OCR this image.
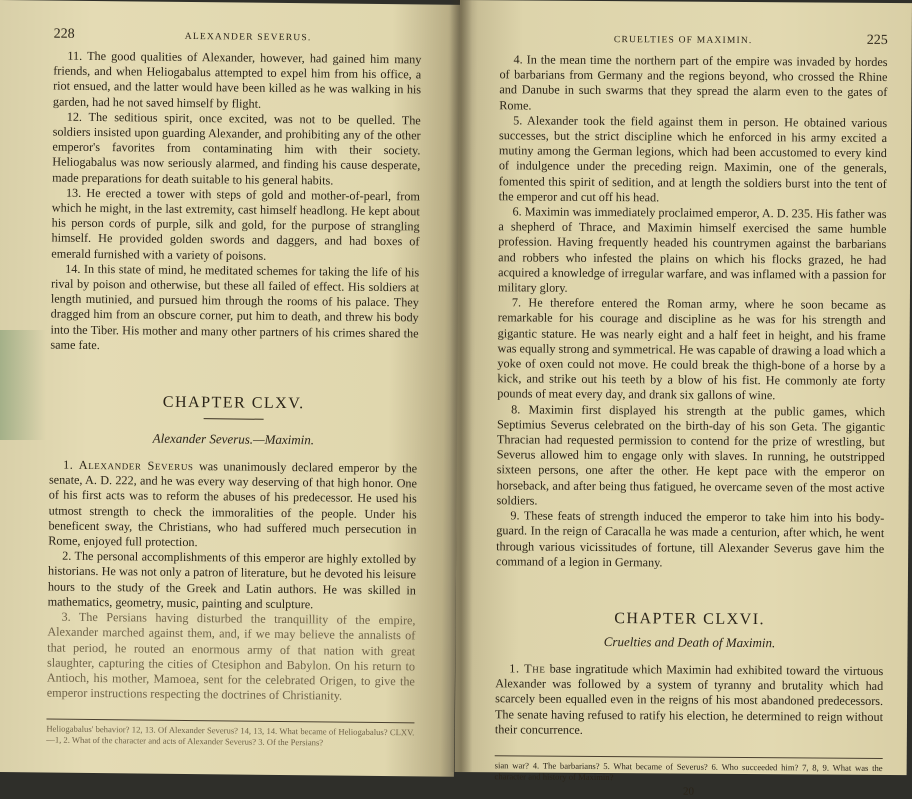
228	ALEXANDER SEVERUS.

11. The good qualities of Alexander, however, had gained him many friends, and when Heliogabalus attempted to expel him from his office, a riot ensued, and the latter would have been killed as he was walking in his garden, had he not saved himself by flight.

12. The seditious spirit, once excited, was not to be quelled. The soldiers insisted upon guarding Alexander, and prohibiting any of the other emperor's favorites from contaminating him with their society. Heliogabalus was now seriously alarmed, and finding his cause desperate, made preparations for death suitable to his general habits.

13. He erected a tower with steps of gold and mother-of-pearl, from which he might, in the last extremity, cast himself headlong. He kept about his person cords of purple, silk and gold, for the purpose of strangling himself. He provided golden swords and daggers, and had boxes of emerald furnished with a variety of poisons.

14. In this state of mind, he meditated schemes for taking the life of his rival by poison and otherwise, but these all failed of effect. His soldiers at length mutinied, and pursued him through the rooms of his palace. They dragged him from an obscure corner, put him to death, and threw his body into the Tiber. His mother and many other partners of his crimes shared the same fate.

CHAPTER CLXV.
Alexander Severus.—Maximin.

1. Alexander Severus was unanimously declared emperor by the senate, A. D. 222, and he was every way deserving of that high honor. One of his first acts was to reform the abuses of his predecessor. He used his utmost strength to check the immoralities of the people. Under his beneficent sway, the Christians, who had suffered much persecution in Rome, enjoyed full protection.

2. The personal accomplishments of this emperor are highly extolled by historians. He was not only a patron of literature, but he devoted his leisure hours to the study of the Greek and Latin authors. He was skilled in mathematics, geometry, music, painting and sculpture.

3. The Persians having disturbed the tranquillity of the empire, Alexander marched against them, and, if we may believe the annalists of that period, he routed an enormous army of that nation with great slaughter, capturing the cities of Ctesiphon and Babylon. On his return to Antioch, his mother, Mamoea, sent for the celebrated Origen, to give the emperor instructions respecting the doctrines of Christianity.

Heliogabalus' behavior? 12, 13. Of Alexander Severus? 14, 13, 14. What became of Heliogabalus? CLXV.—1, 2. What of the character and acts of Alexander Severus? 3. Of the Persians?

CRUELTIES OF MAXIMIN.	225

4. In the mean time the northern part of the empire was invaded by hordes of barbarians from Germany and the regions beyond, who crossed the Rhine and Danube in such swarms that they spread the alarm even to the gates of Rome.

5. Alexander took the field against them in person. He obtained various successes, but the strict discipline which he enforced in his army excited a mutiny among the German legions, which had been accustomed to every kind of indulgence under the preceding reign. Maximin, one of the generals, fomented this spirit of sedition, and at length the soldiers burst into the tent of the emperor and cut off his head.

6. Maximin was immediately proclaimed emperor, A. D. 235. His father was a shepherd of Thrace, and Maximin himself exercised the same humble profession. Having frequently headed his countrymen against the barbarians and robbers who infested the plains on which his flocks grazed, he had acquired a knowledge of irregular warfare, and was inflamed with a passion for military glory.

7. He therefore entered the Roman army, where he soon became as remarkable for his courage and discipline as he was for his strength and gigantic stature. He was nearly eight and a half feet in height, and his frame was equally strong and symmetrical. He was capable of drawing a load which a yoke of oxen could not move. He could break the thigh-bone of a horse by a kick, and strike out his teeth by a blow of his fist. He commonly ate forty pounds of meat every day, and drank six gallons of wine.

8. Maximin first displayed his strength at the public games, which Septimius Severus celebrated on the birth-day of his son Geta. The gigantic Thracian had requested permission to contend for the prize of wrestling, but Severus allowed him to engage only with slaves. In running, he outstripped sixteen persons, one after the other. He kept pace with the emperor on horseback, and after being thus fatigued, he overcame seven of the most active soldiers.

9. These feats of strength induced the emperor to take him into his body-guard. In the reign of Caracalla he was made a centurion, after which, he went through various vicissitudes of fortune, till Alexander Severus gave him the command of a legion in Germany.

CHAPTER CLXVI.
Cruelties and Death of Maximin.

1. The base ingratitude which Maximin had exhibited toward the virtuous Alexander was followed by a system of tyranny and brutality which had scarcely been equalled even in the reigns of his most abandoned predecessors. The senate having refused to ratify his election, he determined to reign without their concurrence.

sian war? 4. The barbarians? 5. What became of Severus? 6. Who succeeded him? 7, 8, 9. What was the character and history of Maximin?

20
